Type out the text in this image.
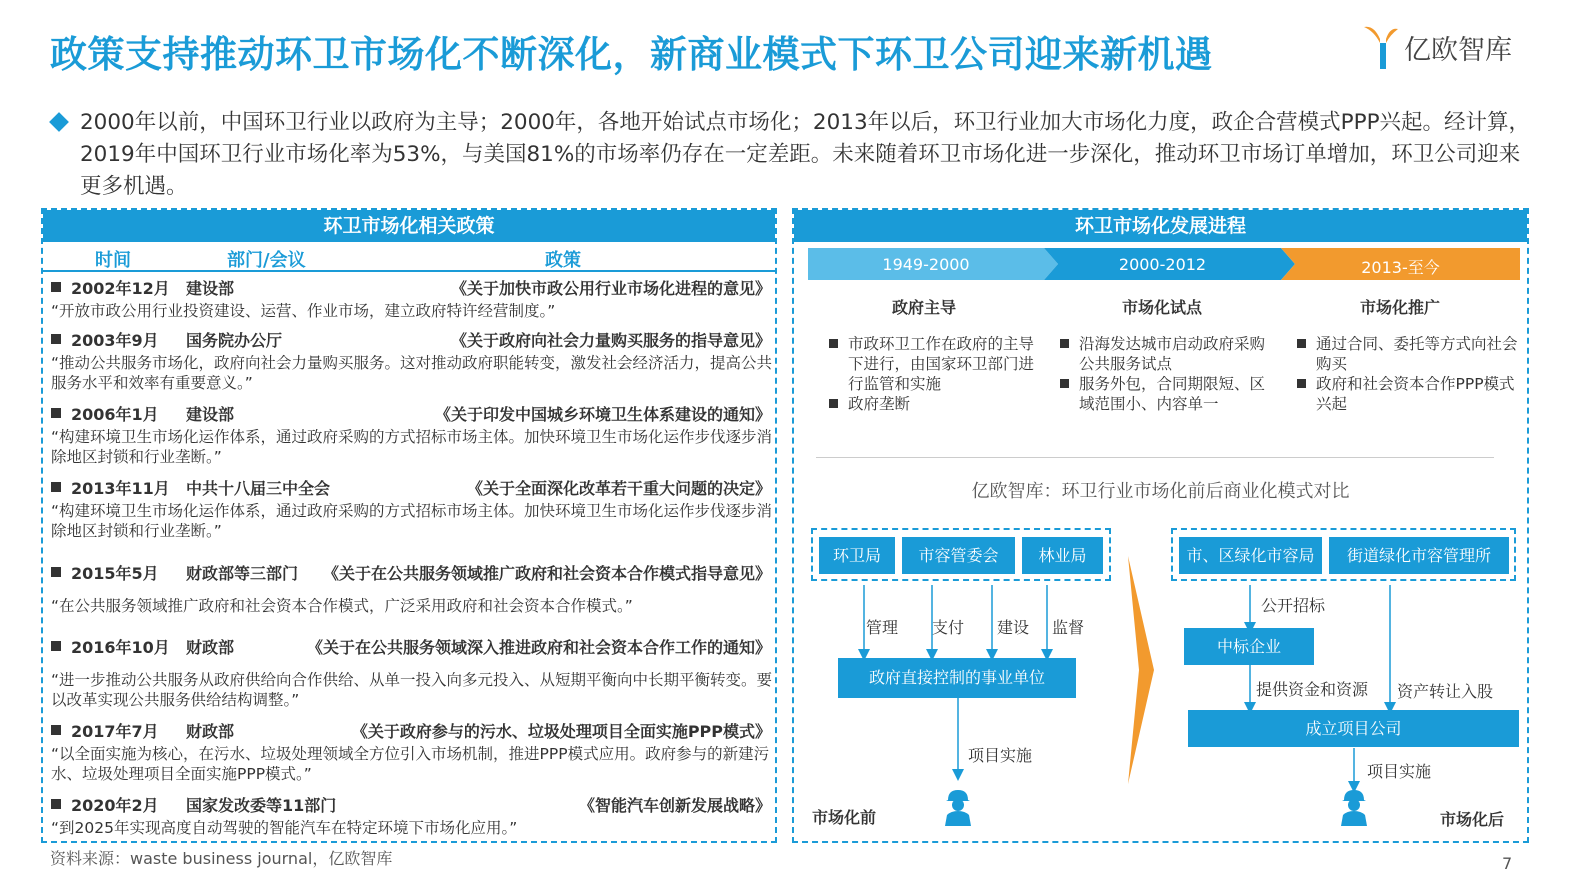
政策支持推动环卫市场化不断深化，新商业模式下环卫公司迎来新机遇	亿欧智库
2000年以前，中国环卫行业以政府为主导；2000年，各地开始试点市场化；2013年以后，环卫行业加大市场化力度，政企合营模式PPP兴起。经计算，2019年中国环卫行业市场化率为53%，与美国81%的市场率仍存在一定差距。未来随着环卫市场化进一步深化，推动环卫市场订单增加，环卫公司迎来更多机遇。
环卫市场化相关政策
时间	部门/会议	政策
2002年12月 建设部	《关于加快市政公用行业市场化进程的意见》
“开放市政公用行业投资建设、运营、作业市场，建立政府特许经营制度。”
2003年9月 国务院办公厅	《关于政府向社会力量购买服务的指导意见》
“推动公共服务市场化，政府向社会力量购买服务。这对推动政府职能转变，激发社会经济活力，提高公共服务水平和效率有重要意义。”
2006年1月 建设部	《关于印发中国城乡环境卫生体系建设的通知》
“构建环境卫生市场化运作体系，通过政府采购的方式招标市场主体。加快环境卫生市场化运作步伐逐步消除地区封锁和行业垄断。”
2013年11月 中共十八届三中全会	《关于全面深化改革若干重大问题的决定》
“构建环境卫生市场化运作体系，通过政府采购的方式招标市场主体。加快环境卫生市场化运作步伐逐步消除地区封锁和行业垄断。”
2015年5月 财政部等三部门 《关于在公共服务领域推广政府和社会资本合作模式指导意见》
“在公共服务领域推广政府和社会资本合作模式，广泛采用政府和社会资本合作模式。”
2016年10月 财政部	《关于在公共服务领域深入推进政府和社会资本合作工作的通知》
“进一步推动公共服务从政府供给向合作供给、从单一投入向多元投入、从短期平衡向中长期平衡转变。要以改革实现公共服务供给结构调整。”
2017年7月 财政部	《关于政府参与的污水、垃圾处理项目全面实施PPP模式》
“以全面实施为核心，在污水、垃圾处理领域全方位引入市场机制，推进PPP模式应用。政府参与的新建污水、垃圾处理项目全面实施PPP模式。”
2020年2月 国家发改委等11部门	《智能汽车创新发展战略》
“到2025年实现高度自动驾驶的智能汽车在特定环境下市场化应用。”
环卫市场化发展进程
1949-2000	2000-2012	2013-至今
政府主导	市场化试点	市场化推广
市政环卫工作在政府的主导下进行，由国家环卫部门进行监管和实施
政府垄断
沿海发达城市启动政府采购公共服务试点
服务外包，合同期限短、区域范围小、内容单一
通过合同、委托等方式向社会购买
政府和社会资本合作PPP模式兴起
亿欧智库：环卫行业市场化前后商业化模式对比
环卫局	市容管委会	林业局
管理 支付 建设 监督
政府直接控制的事业单位
项目实施
市场化前
市、区绿化市容局	街道绿化市容管理所
公开招标
中标企业
提供资金和资源 资产转让入股
成立项目公司
项目实施
市场化后
资料来源：waste business journal，亿欧智库	7
